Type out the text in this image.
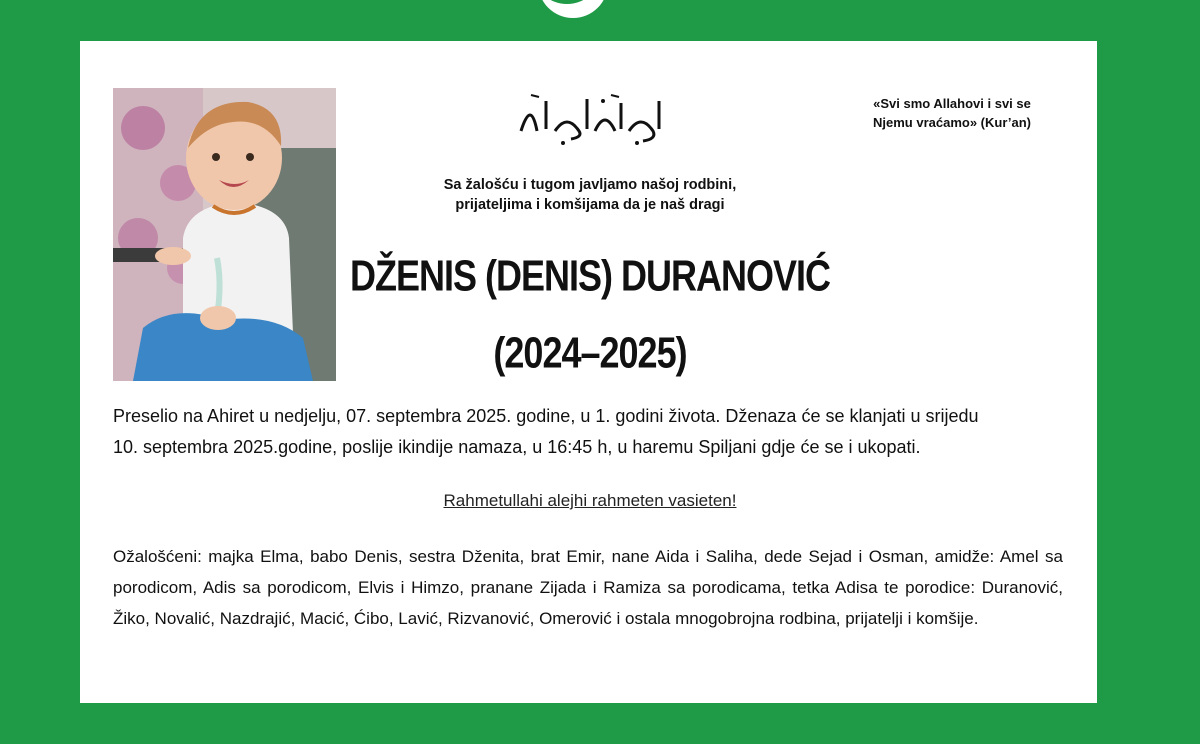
«Svi smo Allahovi i svi se
Njemu vraćamo» (Kur’an)
Sa žalošću i tugom javljamo našoj rodbini,
prijateljima i komšijama da je naš dragi
DŽENIS (DENIS) DURANOVIĆ
(2024–2025)
Preselio na Ahiret u nedjelju, 07. septembra 2025. godine, u 1. godini života. Dženaza će se klanjati u srijedu
10. septembra 2025.godine, poslije ikindije namaza, u 16:45 h, u haremu Spiljani gdje će se i ukopati.
Rahmetullahi alejhi rahmeten vasieten!
Ožalošćeni: majka Elma, babo Denis, sestra Dženita, brat Emir, nane Aida i Saliha, dede Sejad i Osman, amidže: Amel sa porodicom, Adis sa porodicom, Elvis i Himzo, pranane Zijada i Ramiza sa porodicama, tetka Adisa te porodice: Duranović, Žiko, Novalić, Nazdrajić, Macić, Ćibo, Lavić, Rizvanović, Omerović i ostala mnogobrojna rodbina, prijatelji i komšije.
